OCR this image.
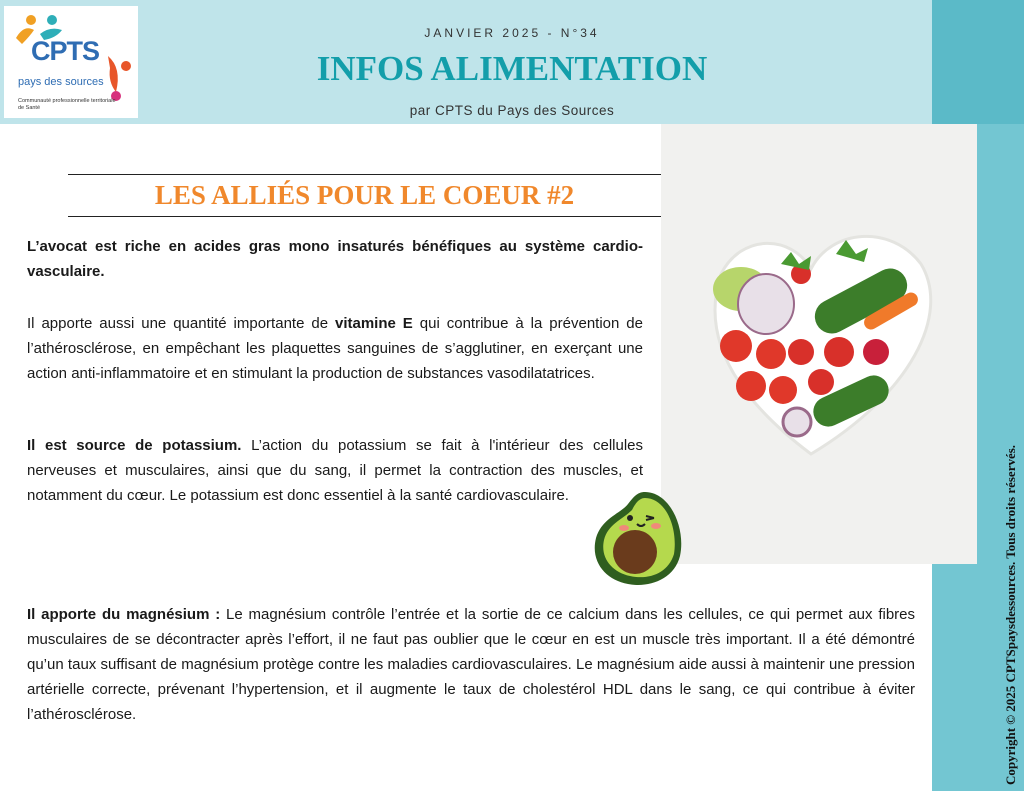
CPTS
pays des sources
Communauté professionnelle territoriale de Santé
JANVIER 2025 - N°34
INFOS ALIMENTATION
par CPTS du Pays des Sources
LES ALLIÉS POUR LE COEUR #2
L’avocat est riche en acides gras mono insaturés bénéfiques au système cardio-vasculaire.
Il apporte aussi une quantité importante de vitamine E qui contribue à la prévention de l’athérosclérose, en empêchant les plaquettes sanguines de s’agglutiner, en exerçant une action anti-inflammatoire et en stimulant la production de substances vasodilatatrices.
Il est source de potassium. L’action du potassium se fait à l'intérieur des cellules nerveuses et musculaires, ainsi que du sang, il permet la contraction des muscles, et notamment du cœur. Le potassium est donc essentiel à la santé cardiovasculaire.
Il apporte du magnésium : Le magnésium contrôle l’entrée et la sortie de ce calcium dans les cellules, ce qui permet aux fibres musculaires de se décontracter après l’effort, il ne faut pas oublier que le cœur en est un muscle très important. Il a été démontré qu’un taux suffisant de magnésium protège contre les maladies cardiovasculaires. Le magnésium aide aussi à maintenir une pression artérielle correcte, prévenant l’hypertension, et il augmente le taux de cholestérol HDL dans le sang, ce qui contribue à éviter l’athérosclérose.	Copyright © 2025 CPTSpaysdessources. Tous droits réservés.
